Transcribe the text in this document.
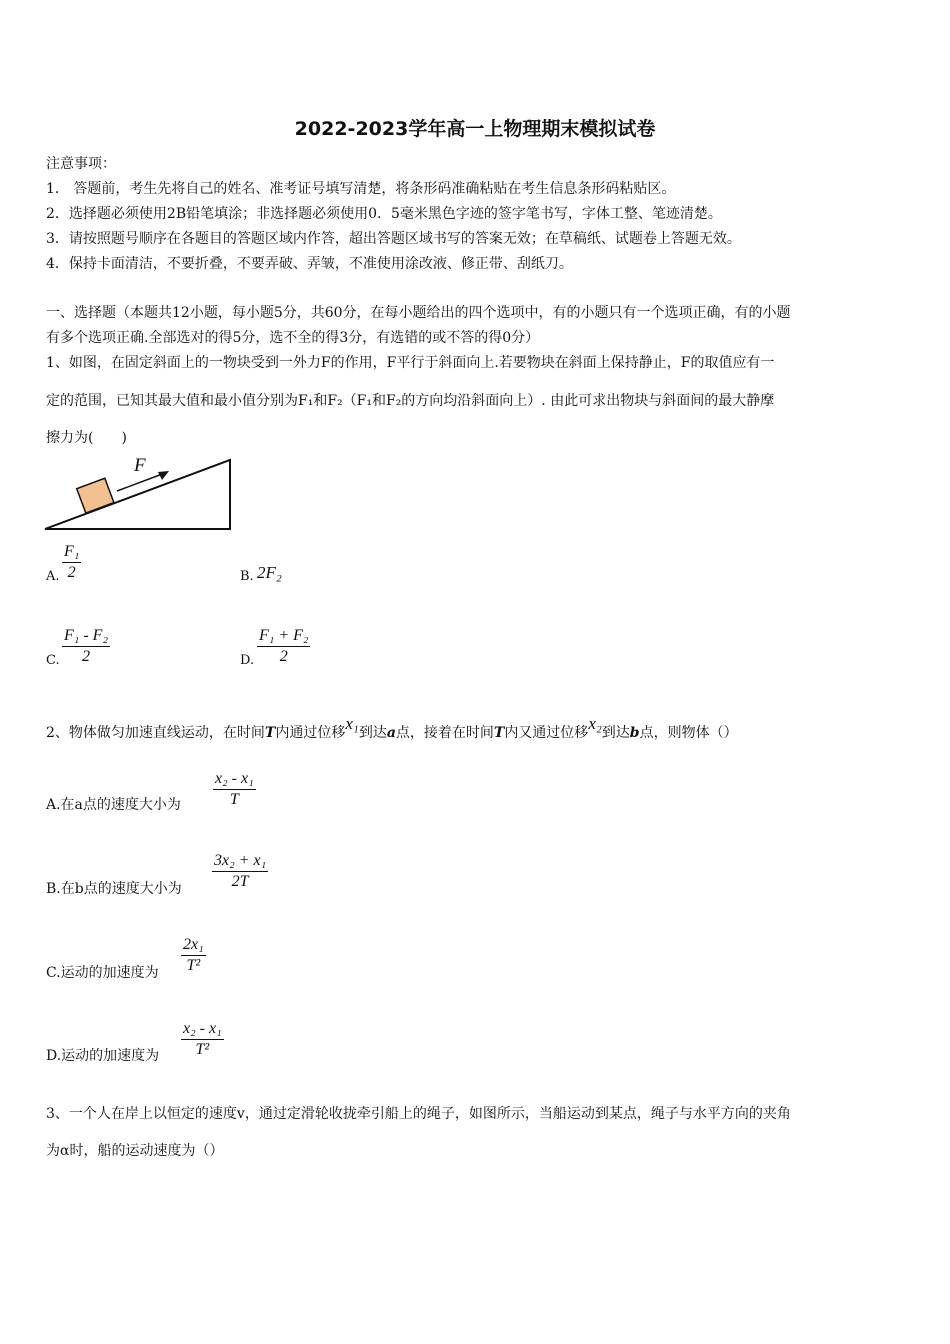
2022-2023学年高一上物理期末模拟试卷
注意事项：
1． 答题前，考生先将自己的姓名、准考证号填写清楚，将条形码准确粘贴在考生信息条形码粘贴区。
2．选择题必须使用2B铅笔填涂；非选择题必须使用0．5毫米黑色字迹的签字笔书写，字体工整、笔迹清楚。
3．请按照题号顺序在各题目的答题区域内作答，超出答题区域书写的答案无效；在草稿纸、试题卷上答题无效。
4．保持卡面清洁，不要折叠，不要弄破、弄皱，不准使用涂改液、修正带、刮纸刀。
一、选择题（本题共12小题，每小题5分，共60分，在每小题给出的四个选项中，有的小题只有一个选项正确，有的小题
有多个选项正确.全部选对的得5分，选不全的得3分，有选错的或不答的得0分）
1、如图，在固定斜面上的一物块受到一外力F的作用，F平行于斜面向上.若要物块在斜面上保持静止，F的取值应有一
定的范围，已知其最大值和最小值分别为F₁和F₂（F₁和F₂的方向均沿斜面向上）. 由此可求出物块与斜面间的最大静摩
擦力为(　　)
F
A. $\frac{\text{F₁}}{2}$	B. 2F₂
C. $\frac{\text{F₁ - F₂}}{2}$	D. $\frac{\text{F₁ + F₂}}{2}$
2、物体做匀加速直线运动，在时间T内通过位移x₁到达a点，接着在时间T内又通过位移x₂到达b点，则物体（）
A.在a点的速度大小为 $\frac{\text{x₂ - x₁}}{T}$
B.在b点的速度大小为 $\frac{\text{3x₂ + x₁}}{2T}$
C.运动的加速度为 $\frac{\text{2x₁}}{\text{T²}}$
D.运动的加速度为 $\frac{\text{x₂ - x₁}}{\text{T²}}$
3、一个人在岸上以恒定的速度v，通过定滑轮收拢牵引船上的绳子，如图所示，当船运动到某点，绳子与水平方向的夹角
为α时，船的运动速度为（）
